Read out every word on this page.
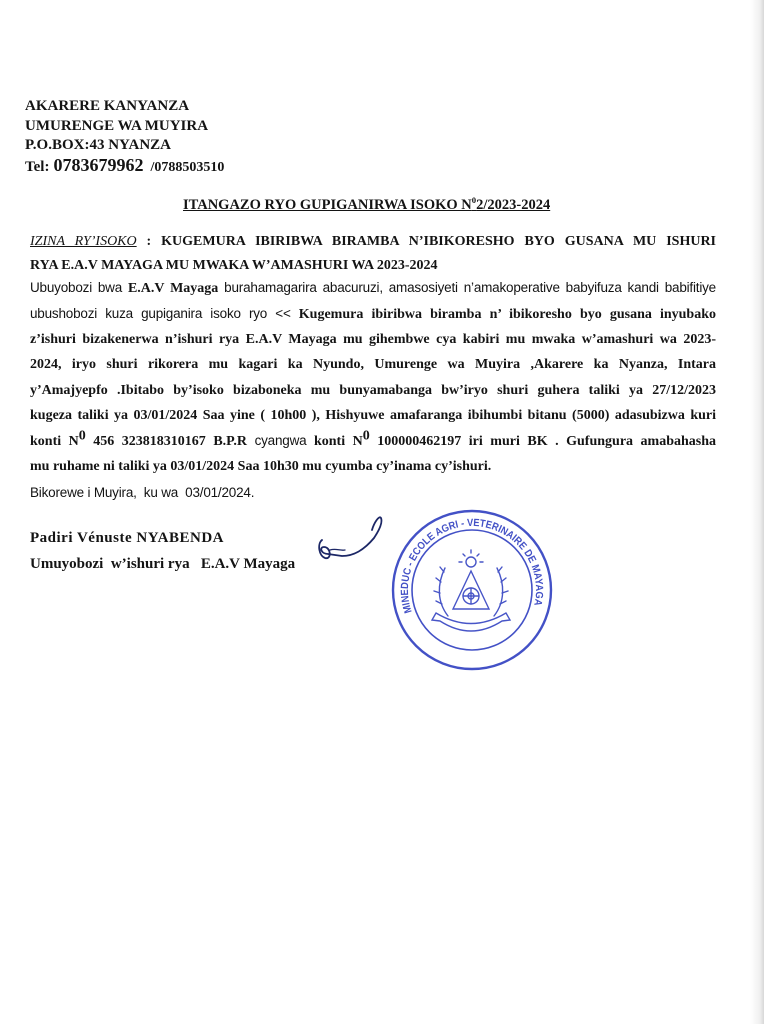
AKARERE KANYANZA
UMURENGE WA MUYIRA
P.O.BOX:43 NYANZA
Tel: 0783679962 /0788503510
ITANGAZO RYO GUPIGANIRWA ISOKO $N^02/2023-2024$
IZINA RY’ISOKO : KUGEMURA IBIRIBWA BIRAMBA N’IBIKORESHO BYO GUSANA MU ISHURI
RYA E.A.V MAYAGA MU MWAKA W’AMASHURI WA 2023-2024
Ubuyobozi bwa E.A.V Mayaga burahamagarira abacuruzi, amasosiyeti n’amakoperative babyifuza kandi babifitiye
ubushobozi kuza gupiganira isoko ryo << Kugemura ibiribwa biramba n’ ibikoresho byo gusana inyubako
z’ishuri bizakenerwa n’ishuri rya E.A.V Mayaga mu gihembwe cya kabiri mu mwaka w’amashuri wa 2023-
2024, iryo shuri rikorera mu kagari ka Nyundo, Umurenge wa Muyira ,Akarere ka Nyanza, Intara
y’Amajyepfo .Ibitabo by’isoko bizaboneka mu bunyamabanga bw’iryo shuri guhera taliki ya 27/12/2023
kugeza taliki ya 03/01/2024 Saa yine ( 10h00 ), Hishyuwe amafaranga ibihumbi bitanu (5000) adasubizwa kuri
konti $N^0$ 456 323818310167 B.P.R cyangwa konti $N^0$ 100000462197 iri muri BK . Gufungura amabahasha
mu ruhame ni taliki ya 03/01/2024 Saa 10h30 mu cyumba cy’inama cy’ishuri.
Bikorewe i Muyira,  ku wa  03/01/2024.
Padiri Vénuste NYABENDA
Umuyobozi  w’ishuri rya   E.A.V Mayaga
MINEDUC - ECOLE AGRI - VETERINAIRE DE MAYAGA
